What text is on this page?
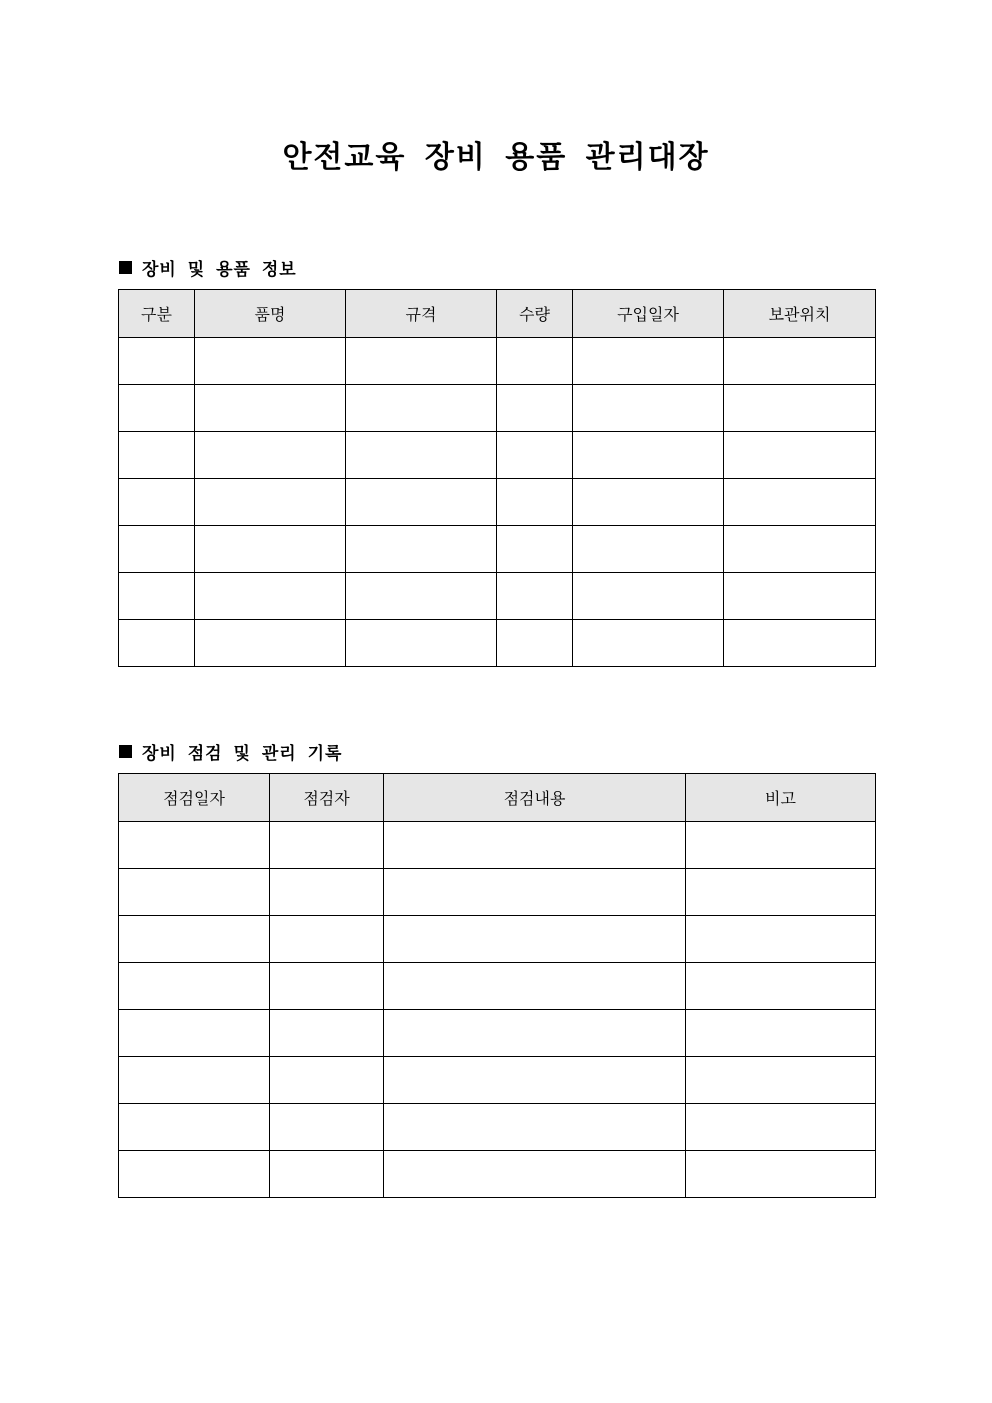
안전교육 장비 용품 관리대장
장비 및 용품 정보
구분	품명	규격	수량	구입일자	보관위치

장비 점검 및 관리 기록
점검일자	점검자	점검내용	비고
